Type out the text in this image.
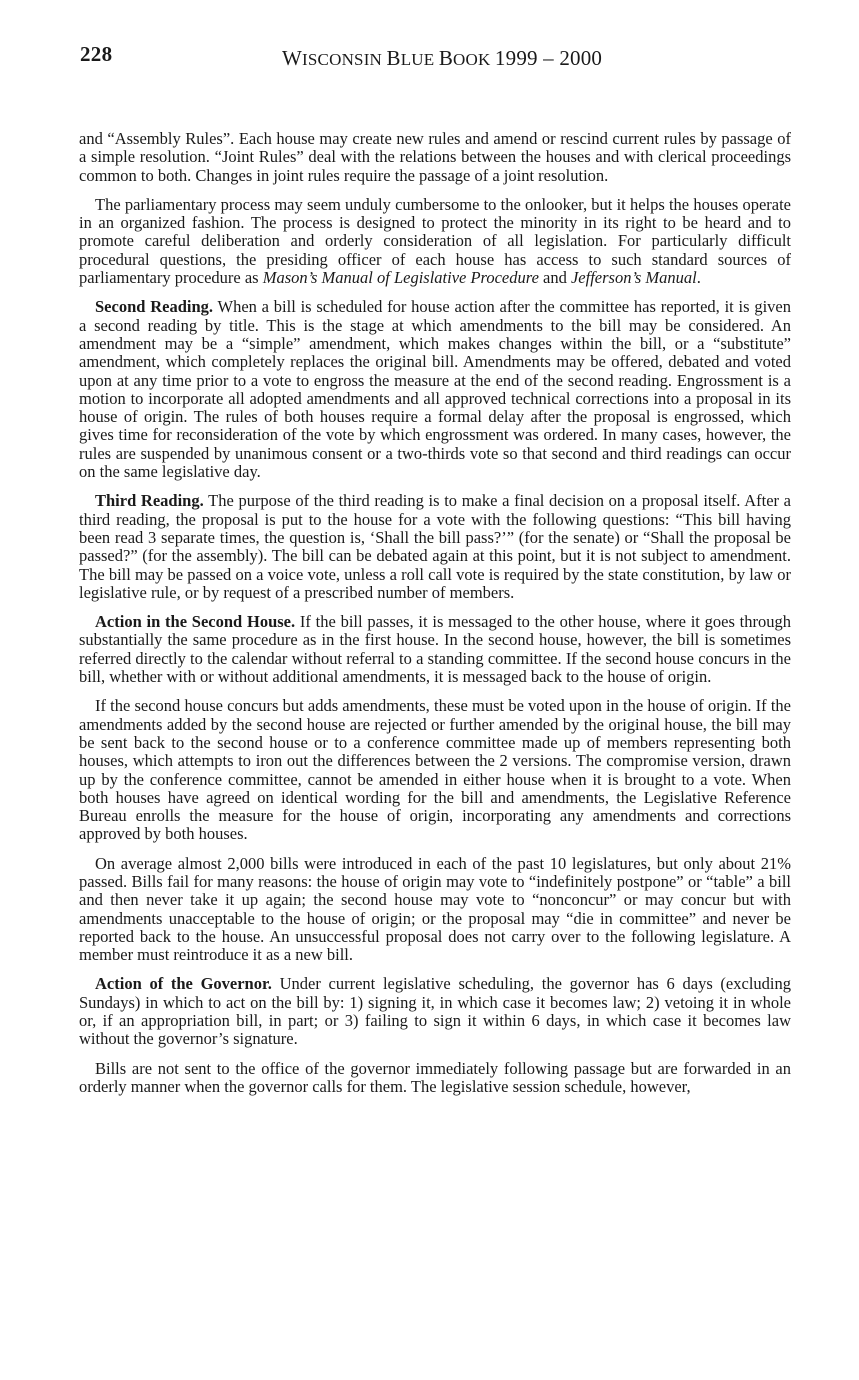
228	WISCONSIN BLUE BOOK 1999 – 2000

and “Assembly Rules”. Each house may create new rules and amend or rescind current rules by passage of a simple resolution. “Joint Rules” deal with the relations between the houses and with clerical proceedings common to both. Changes in joint rules require the passage of a joint resolution.

The parliamentary process may seem unduly cumbersome to the onlooker, but it helps the houses operate in an organized fashion. The process is designed to protect the minority in its right to be heard and to promote careful deliberation and orderly consideration of all legislation. For particularly difficult procedural questions, the presiding officer of each house has access to such standard sources of parliamentary procedure as Mason’s Manual of Legislative Procedure and Jefferson’s Manual.

Second Reading. When a bill is scheduled for house action after the committee has reported, it is given a second reading by title. This is the stage at which amendments to the bill may be considered. An amendment may be a “simple” amendment, which makes changes within the bill, or a “substitute” amendment, which completely replaces the original bill. Amendments may be offered, debated and voted upon at any time prior to a vote to engross the measure at the end of the second reading. Engrossment is a motion to incorporate all adopted amendments and all approved technical corrections into a proposal in its house of origin. The rules of both houses require a formal delay after the proposal is engrossed, which gives time for reconsideration of the vote by which engrossment was ordered. In many cases, however, the rules are suspended by unanimous consent or a two-thirds vote so that second and third readings can occur on the same legislative day.

Third Reading. The purpose of the third reading is to make a final decision on a proposal itself. After a third reading, the proposal is put to the house for a vote with the following questions: “This bill having been read 3 separate times, the question is, ‘Shall the bill pass?’” (for the senate) or “Shall the proposal be passed?” (for the assembly). The bill can be debated again at this point, but it is not subject to amendment. The bill may be passed on a voice vote, unless a roll call vote is required by the state constitution, by law or legislative rule, or by request of a prescribed number of members.

Action in the Second House. If the bill passes, it is messaged to the other house, where it goes through substantially the same procedure as in the first house. In the second house, however, the bill is sometimes referred directly to the calendar without referral to a standing committee. If the second house concurs in the bill, whether with or without additional amendments, it is messaged back to the house of origin.

If the second house concurs but adds amendments, these must be voted upon in the house of origin. If the amendments added by the second house are rejected or further amended by the original house, the bill may be sent back to the second house or to a conference committee made up of members representing both houses, which attempts to iron out the differences between the 2 versions. The compromise version, drawn up by the conference committee, cannot be amended in either house when it is brought to a vote. When both houses have agreed on identical wording for the bill and amendments, the Legislative Reference Bureau enrolls the measure for the house of origin, incorporating any amendments and corrections approved by both houses.

On average almost 2,000 bills were introduced in each of the past 10 legislatures, but only about 21% passed. Bills fail for many reasons: the house of origin may vote to “indefinitely postpone” or “table” a bill and then never take it up again; the second house may vote to “nonconcur” or may concur but with amendments unacceptable to the house of origin; or the proposal may “die in committee” and never be reported back to the house. An unsuccessful proposal does not carry over to the following legislature. A member must reintroduce it as a new bill.

Action of the Governor. Under current legislative scheduling, the governor has 6 days (excluding Sundays) in which to act on the bill by: 1) signing it, in which case it becomes law; 2) vetoing it in whole or, if an appropriation bill, in part; or 3) failing to sign it within 6 days, in which case it becomes law without the governor’s signature.

Bills are not sent to the office of the governor immediately following passage but are forwarded in an orderly manner when the governor calls for them. The legislative session schedule, however,
